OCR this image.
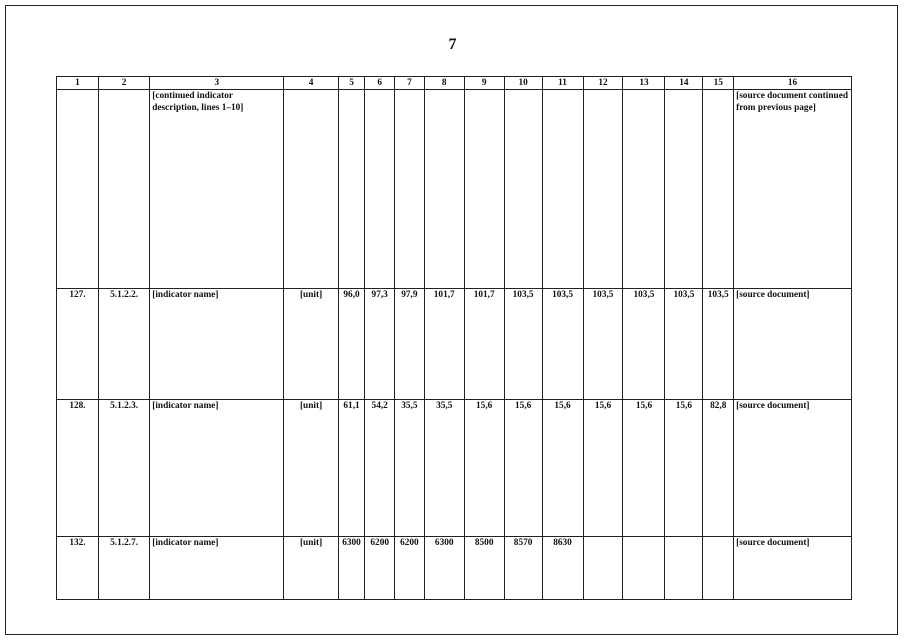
7
1	2	3	4	5	6	7	8	9	10	11	12	13	14	15	16
		[continued indicator description, lines 1–10]													[source document continued from previous page]
127.	5.1.2.2.	[indicator name]	[unit]	96,0	97,3	97,9	101,7	101,7	103,5	103,5	103,5	103,5	103,5	103,5	[source document]
128.	5.1.2.3.	[indicator name]	[unit]	61,1	54,2	35,5	35,5	15,6	15,6	15,6	15,6	15,6	15,6	82,8	[source document]
132.	5.1.2.7.	[indicator name]	[unit]	6300	6200	6200	6300	8500	8570	8630					[source document]
